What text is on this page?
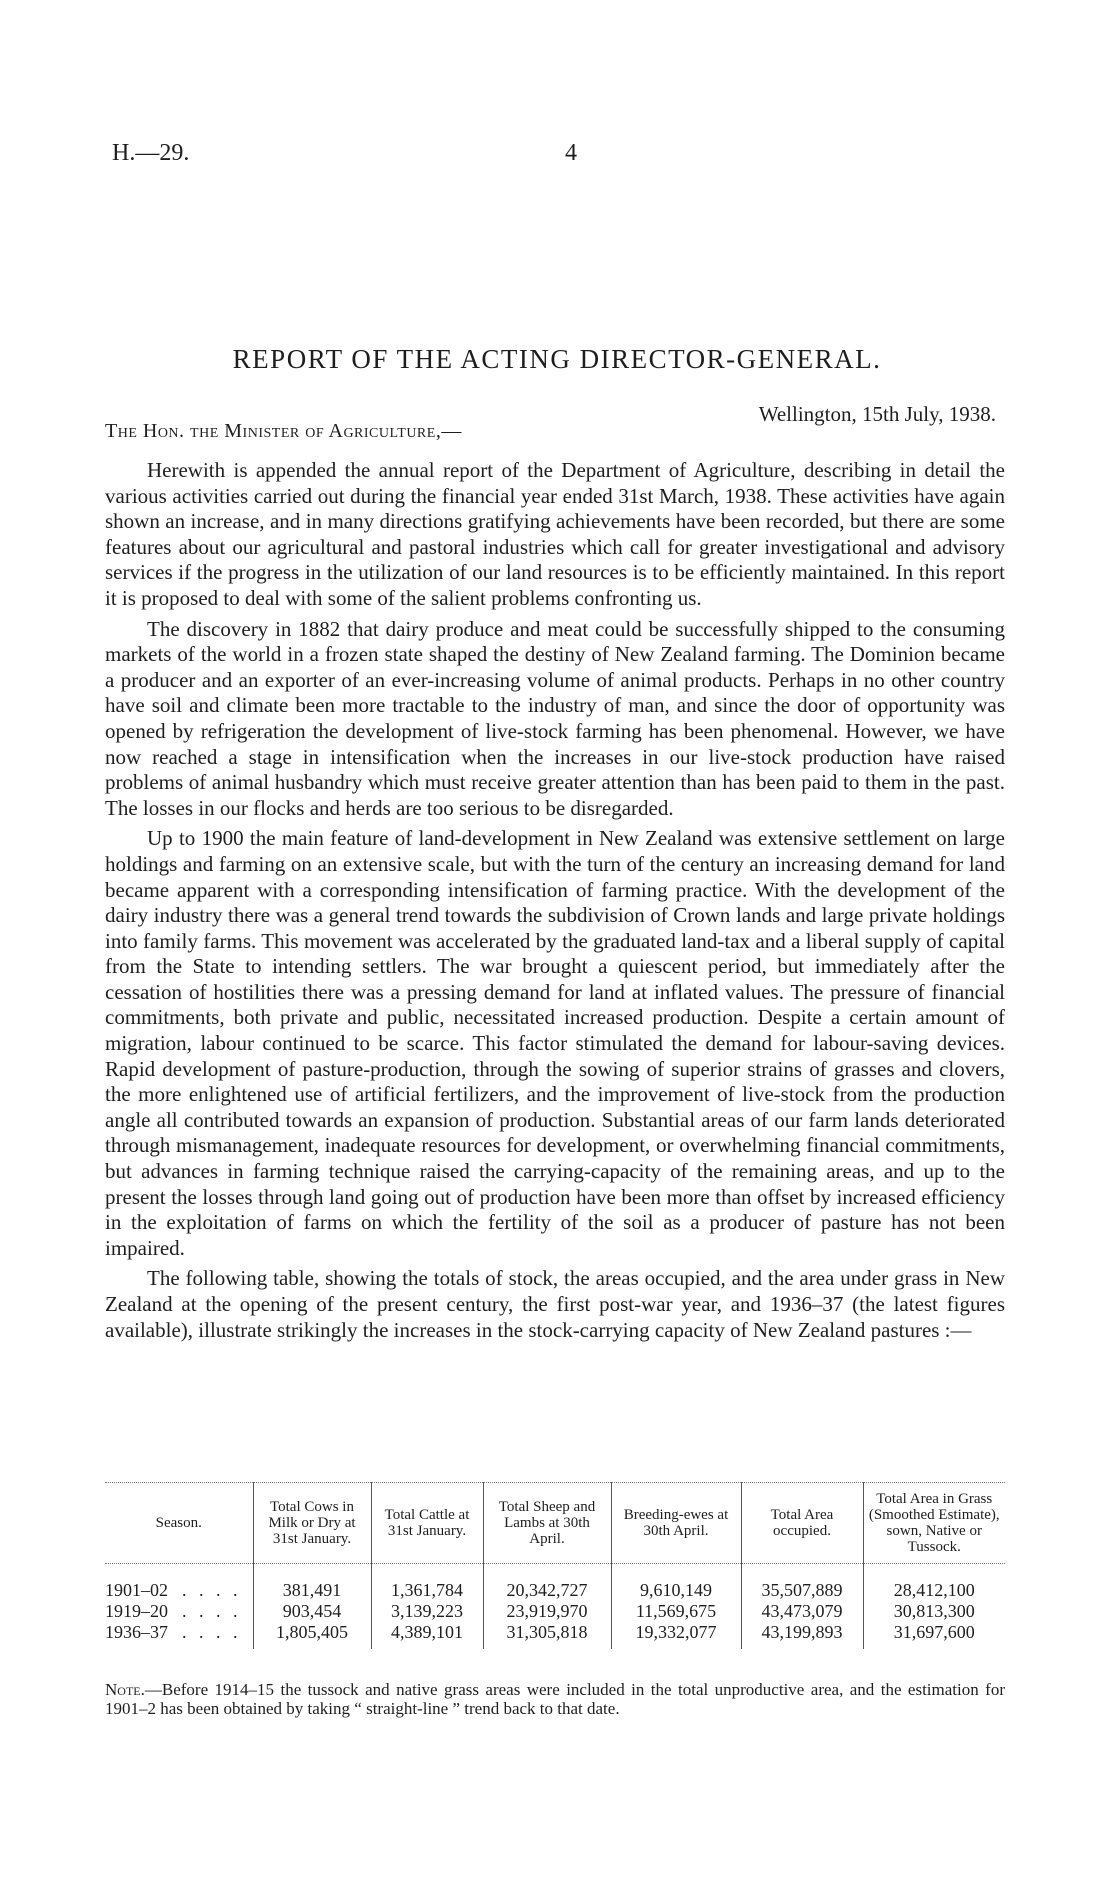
H.—29.	4
REPORT OF THE ACTING DIRECTOR-GENERAL.
Wellington, 15th July, 1938.
The Hon. the Minister of Agriculture,—

Herewith is appended the annual report of the Department of Agriculture, describing in detail the various activities carried out during the financial year ended 31st March, 1938. These activities have again shown an increase, and in many directions gratifying achievements have been recorded, but there are some features about our agricultural and pastoral industries which call for greater investigational and advisory services if the progress in the utilization of our land resources is to be efficiently maintained. In this report it is proposed to deal with some of the salient problems confronting us.

The discovery in 1882 that dairy produce and meat could be successfully shipped to the consuming markets of the world in a frozen state shaped the destiny of New Zealand farming. The Dominion became a producer and an exporter of an ever-increasing volume of animal products. Perhaps in no other country have soil and climate been more tractable to the industry of man, and since the door of opportunity was opened by refrigeration the development of live-stock farming has been phenomenal. However, we have now reached a stage in intensification when the increases in our live-stock production have raised problems of animal husbandry which must receive greater attention than has been paid to them in the past. The losses in our flocks and herds are too serious to be disregarded.

Up to 1900 the main feature of land-development in New Zealand was extensive settlement on large holdings and farming on an extensive scale, but with the turn of the century an increasing demand for land became apparent with a corresponding intensification of farming practice. With the development of the dairy industry there was a general trend towards the subdivision of Crown lands and large private holdings into family farms. This movement was accelerated by the graduated land-tax and a liberal supply of capital from the State to intending settlers. The war brought a quiescent period, but immediately after the cessation of hostilities there was a pressing demand for land at inflated values. The pressure of financial commitments, both private and public, necessitated increased production. Despite a certain amount of migration, labour continued to be scarce. This factor stimulated the demand for labour-saving devices. Rapid development of pasture-production, through the sowing of superior strains of grasses and clovers, the more enlightened use of artificial fertilizers, and the improvement of live-stock from the production angle all contributed towards an expansion of production. Substantial areas of our farm lands deteriorated through mismanagement, inadequate resources for development, or overwhelming financial commitments, but advances in farming technique raised the carrying-capacity of the remaining areas, and up to the present the losses through land going out of production have been more than offset by increased efficiency in the exploitation of farms on which the fertility of the soil as a producer of pasture has not been impaired.

The following table, showing the totals of stock, the areas occupied, and the area under grass in New Zealand at the opening of the present century, the first post-war year, and 1936–37 (the latest figures available), illustrate strikingly the increases in the stock-carrying capacity of New Zealand pastures :—

Season.	Total Cows in Milk or Dry at 31st January.	Total Cattle at 31st January.	Total Sheep and Lambs at 30th April.	Breeding-ewes at 30th April.	Total Area occupied.	Total Area in Grass (Smoothed Estimate), sown, Native or Tussock.
1901–02 . . . .	381,491	1,361,784	20,342,727	9,610,149	35,507,889	28,412,100
1919–20 . . . .	903,454	3,139,223	23,919,970	11,569,675	43,473,079	30,813,300
1936–37 . . . .	1,805,405	4,389,101	31,305,818	19,332,077	43,199,893	31,697,600
Note.—Before 1914–15 the tussock and native grass areas were included in the total unproductive area, and the estimation for 1901–2 has been obtained by taking “ straight-line ” trend back to that date.
